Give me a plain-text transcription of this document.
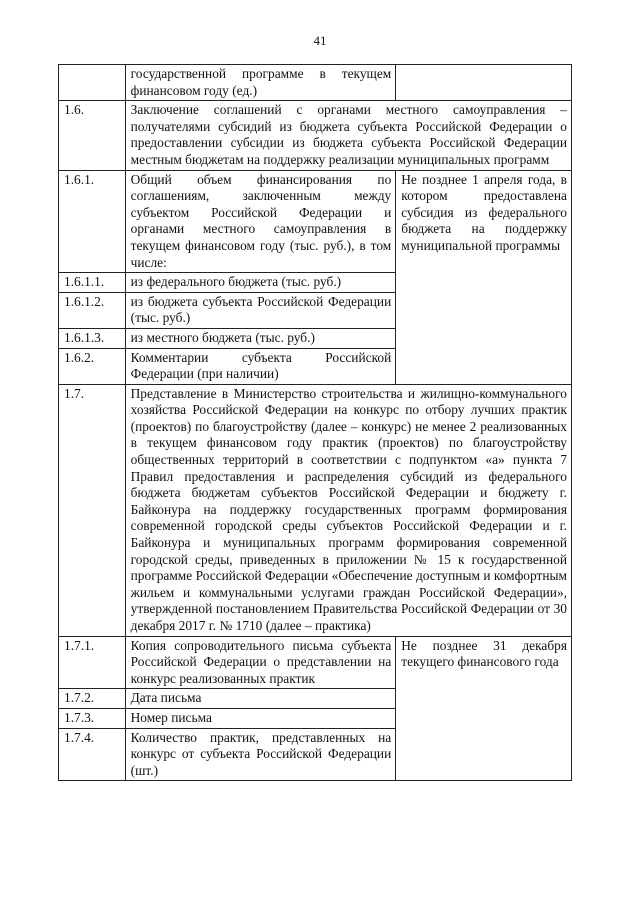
41
	государственной программе в текущем финансовом году (ед.)	
1.6.	Заключение соглашений с органами местного самоуправления – получателями субсидий из бюджета субъекта Российской Федерации о предоставлении субсидии из бюджета субъекта Российской Федерации местным бюджетам на поддержку реализации муниципальных программ	
1.6.1.	Общий объем финансирования по соглашениям, заключенным между субъектом Российской Федерации и органами местного самоуправления в текущем финансовом году (тыс. руб.), в том числе:	Не позднее 1 апреля года, в котором предоставлена субсидия из федерального бюджета на поддержку муниципальной программы
1.6.1.1.	из федерального бюджета (тыс. руб.)	
1.6.1.2.	из бюджета субъекта Российской Федерации (тыс. руб.)	
1.6.1.3.	из местного бюджета (тыс. руб.)	
1.6.2.	Комментарии субъекта Российской Федерации (при наличии)	
1.7.	Представление в Министерство строительства и жилищно-коммунального хозяйства Российской Федерации на конкурс по отбору лучших практик (проектов) по благоустройству (далее – конкурс) не менее 2 реализованных в текущем финансовом году практик (проектов) по благоустройству общественных территорий в соответствии с подпунктом «а» пункта 7 Правил предоставления и распределения субсидий из федерального бюджета бюджетам субъектов Российской Федерации и бюджету г. Байконура на поддержку государственных программ формирования современной городской среды субъектов Российской Федерации и г. Байконура и муниципальных программ формирования современной городской среды, приведенных в приложении № 15 к государственной программе Российской Федерации «Обеспечение доступным и комфортным жильем и коммунальными услугами граждан Российской Федерации», утвержденной постановлением Правительства Российской Федерации от 30 декабря 2017 г. № 1710 (далее – практика)	
1.7.1.	Копия сопроводительного письма субъекта Российской Федерации о представлении на конкурс реализованных практик	Не позднее 31 декабря текущего финансового года
1.7.2.	Дата письма	
1.7.3.	Номер письма	
1.7.4.	Количество практик, представленных на конкурс от субъекта Российской Федерации (шт.)	
